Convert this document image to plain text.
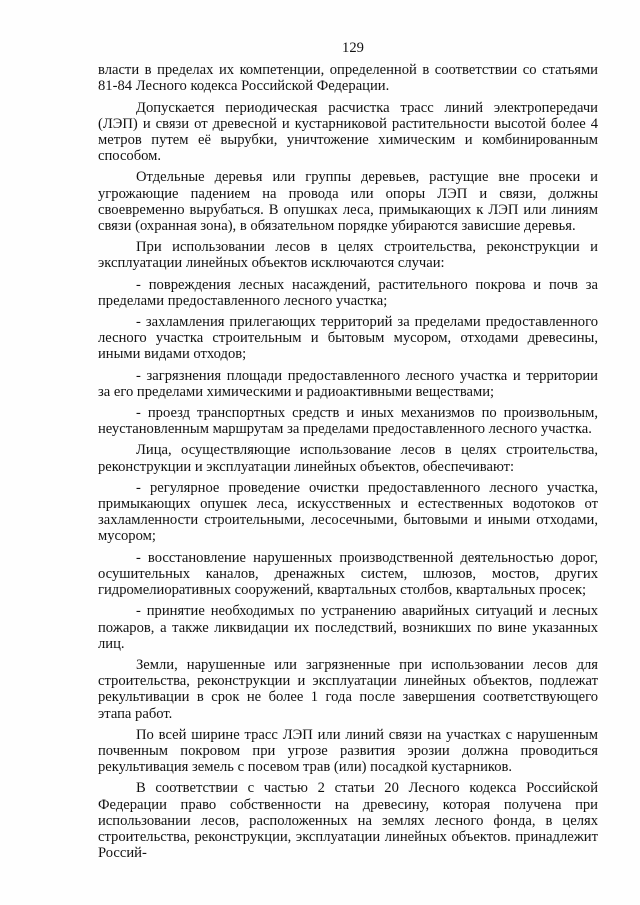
129

власти в пределах их компетенции, определенной в соответствии со статьями 81-84 Лесного кодекса Российской Федерации.

Допускается периодическая расчистка трасс линий электропередачи (ЛЭП) и связи от древесной и кустарниковой растительности высотой более 4 метров путем её вырубки, уничтожение химическим и комбинированным способом.

Отдельные деревья или группы деревьев, растущие вне просеки и угрожающие падением на провода или опоры ЛЭП и связи, должны своевременно вырубаться. В опушках леса, примыкающих к ЛЭП или линиям связи (охранная зона), в обязательном порядке убираются зависшие деревья.

При использовании лесов в целях строительства, реконструкции и эксплуатации линейных объектов исключаются случаи:

- повреждения лесных насаждений, растительного покрова и почв за пределами предоставленного лесного участка;

- захламления прилегающих территорий за пределами предоставленного лесного участка строительным и бытовым мусором, отходами древесины, иными видами отходов;

- загрязнения площади предоставленного лесного участка и территории за его пределами химическими и радиоактивными веществами;

- проезд транспортных средств и иных механизмов по произвольным, неустановленным маршрутам за пределами предоставленного лесного участка.

Лица, осуществляющие использование лесов в целях строительства, реконструкции и эксплуатации линейных объектов, обеспечивают:

- регулярное проведение очистки предоставленного лесного участка, примыкающих опушек леса, искусственных и естественных водотоков от захламленности строительными, лесосечными, бытовыми и иными отходами, мусором;

- восстановление нарушенных производственной деятельностью дорог, осушительных каналов, дренажных систем, шлюзов, мостов, других гидромелиоративных сооружений, квартальных столбов, квартальных просек;

- принятие необходимых по устранению аварийных ситуаций и лесных пожаров, а также ликвидации их последствий, возникших по вине указанных лиц.

Земли, нарушенные или загрязненные при использовании лесов для строительства, реконструкции и эксплуатации линейных объектов, подлежат рекультивации в срок не более 1 года после завершения соответствующего этапа работ.

По всей ширине трасс ЛЭП или линий связи на участках с нарушенным почвенным покровом при угрозе развития эрозии должна проводиться рекультивация земель с посевом трав (или) посадкой кустарников.

В соответствии с частью 2 статьи 20 Лесного кодекса Российской Федерации право собственности на древесину, которая получена при использовании лесов, расположенных на землях лесного фонда, в целях строительства, реконструкции, эксплуатации линейных объектов. принадлежит Россий-
